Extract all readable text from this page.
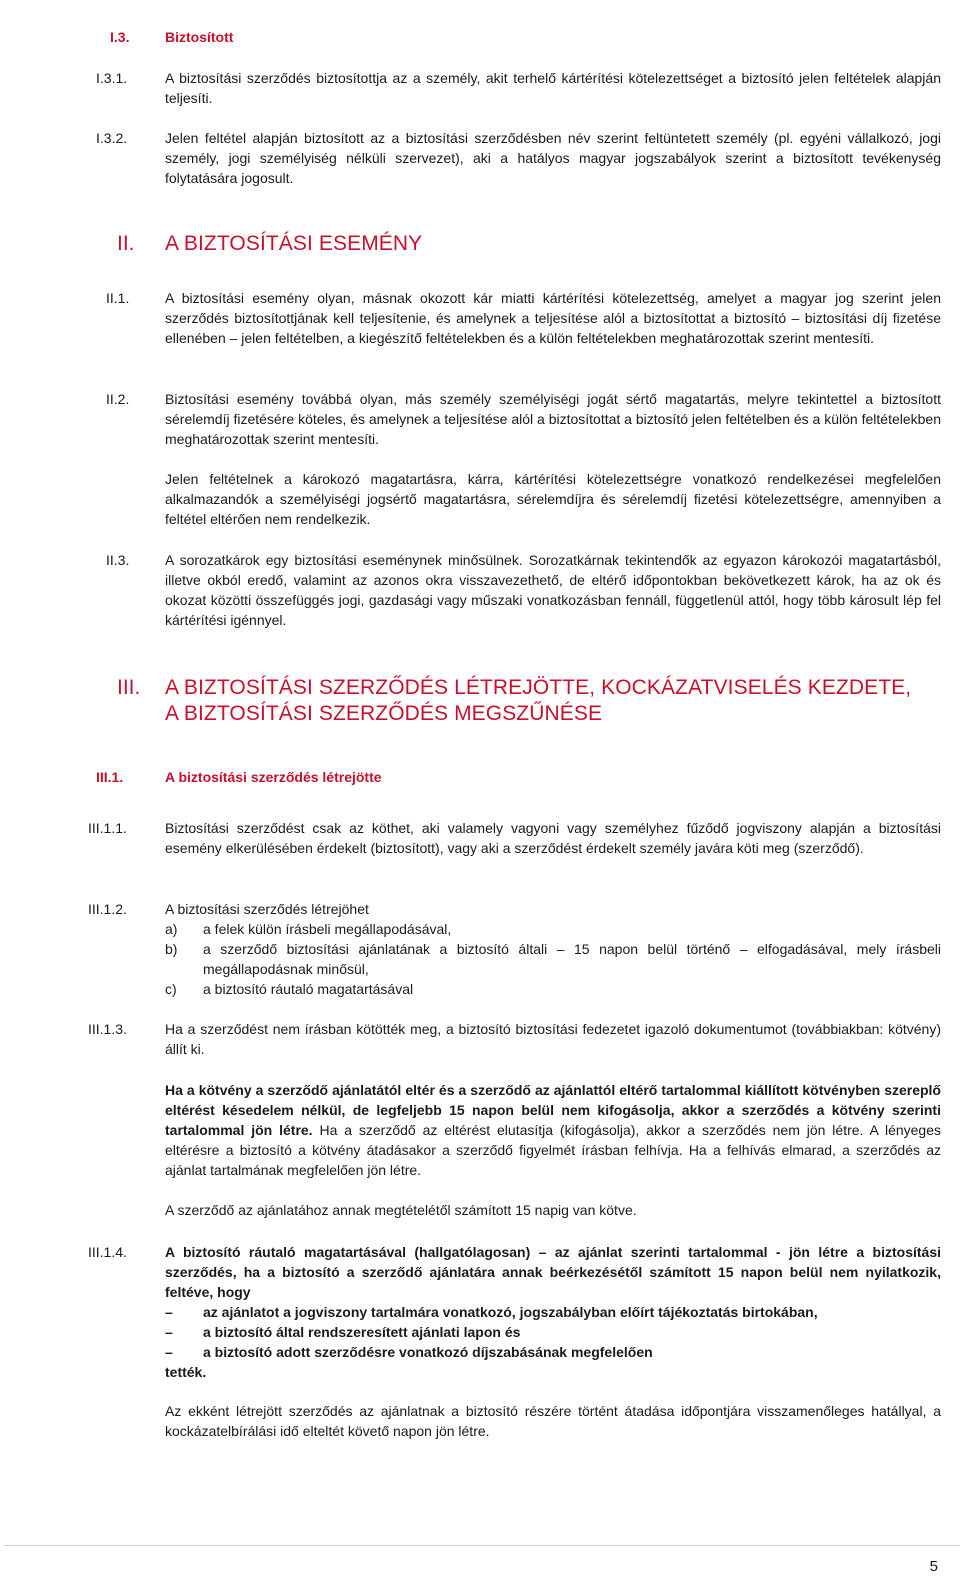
I.3.	Biztosított
I.3.1.	A biztosítási szerződés biztosítottja az a személy, akit terhelő kártérítési kötelezettséget a biztosító jelen feltételek alapján teljesíti.
I.3.2.	Jelen feltétel alapján biztosított az a biztosítási szerződésben név szerint feltüntetett személy (pl. egyéni vállalkozó, jogi személy, jogi személyiség nélküli szervezet), aki a hatályos magyar jogszabályok szerint a biztosított tevékenység folytatására jogosult.
II. A BIZTOSÍTÁSI ESEMÉNY
II.1.	A biztosítási esemény olyan, másnak okozott kár miatti kártérítési kötelezettség, amelyet a magyar jog szerint jelen szerződés biztosítottjának kell teljesítenie, és amelynek a teljesítése alól a biztosítottat a biztosító – biztosítási díj fizetése ellenében – jelen feltételben, a kiegészítő feltételekben és a külön feltételekben meghatározottak szerint mentesíti.
II.2.	Biztosítási esemény továbbá olyan, más személy személyiségi jogát sértő magatartás, melyre tekintettel a biztosított sérelemdíj fizetésére köteles, és amelynek a teljesítése alól a biztosítottat a biztosító jelen feltételben és a külön feltételekben meghatározottak szerint mentesíti.
Jelen feltételnek a károkozó magatartásra, kárra, kártérítési kötelezettségre vonatkozó rendelkezései megfelelően alkalmazandók a személyiségi jogsértő magatartásra, sérelemdíjra és sérelemdíj fizetési kötelezettségre, amennyiben a feltétel eltérően nem rendelkezik.
II.3.	A sorozatkárok egy biztosítási eseménynek minősülnek. Sorozatkárnak tekintendők az egyazon károkozói magatartásból, illetve okból eredő, valamint az azonos okra visszavezethető, de eltérő időpontokban bekövetkezett károk, ha az ok és okozat közötti összefüggés jogi, gazdasági vagy műszaki vonatkozásban fennáll, függetlenül attól, hogy több károsult lép fel kártérítési igénnyel.
III. A BIZTOSÍTÁSI SZERZŐDÉS LÉTREJÖTTE, KOCKÁZATVISELÉS KEZDETE,
A BIZTOSÍTÁSI SZERZŐDÉS MEGSZŰNÉSE
III.1.	A biztosítási szerződés létrejötte
III.1.1.	Biztosítási szerződést csak az köthet, aki valamely vagyoni vagy személyhez fűződő jogviszony alapján a biztosítási esemény elkerülésében érdekelt (biztosított), vagy aki a szerződést érdekelt személy javára köti meg (szerződő).
III.1.2.	A biztosítási szerződés létrejöhet
a) a felek külön írásbeli megállapodásával,
b) a szerződő biztosítási ajánlatának a biztosító általi – 15 napon belül történő – elfogadásával, mely írásbeli megállapodásnak minősül,
c) a biztosító ráutaló magatartásával
III.1.3.	Ha a szerződést nem írásban kötötték meg, a biztosító biztosítási fedezetet igazoló dokumentumot (továbbiakban: kötvény) állít ki.
Ha a kötvény a szerződő ajánlatától eltér és a szerződő az ajánlattól eltérő tartalommal kiállított kötvényben szereplő eltérést késedelem nélkül, de legfeljebb 15 napon belül nem kifogásolja, akkor a szerződés a kötvény szerinti tartalommal jön létre. Ha a szerződő az eltérést elutasítja (kifogásolja), akkor a szerződés nem jön létre. A lényeges eltérésre a biztosító a kötvény átadásakor a szerződő figyelmét írásban felhívja. Ha a felhívás elmarad, a szerződés az ajánlat tartalmának megfelelően jön létre.
A szerződő az ajánlatához annak megtételétől számított 15 napig van kötve.
III.1.4.	A biztosító ráutaló magatartásával (hallgatólagosan) – az ajánlat szerinti tartalommal - jön létre a biztosítási szerződés, ha a biztosító a szerződő ajánlatára annak beérkezésétől számított 15 napon belül nem nyilatkozik, feltéve, hogy
– az ajánlatot a jogviszony tartalmára vonatkozó, jogszabályban előírt tájékoztatás birtokában,
– a biztosító által rendszeresített ajánlati lapon és
– a biztosító adott szerződésre vonatkozó díjszabásának megfelelően
tették.
Az ekként létrejött szerződés az ajánlatnak a biztosító részére történt átadása időpontjára visszamenőleges hatállyal, a kockázatelbírálási idő elteltét követő napon jön létre.
5
